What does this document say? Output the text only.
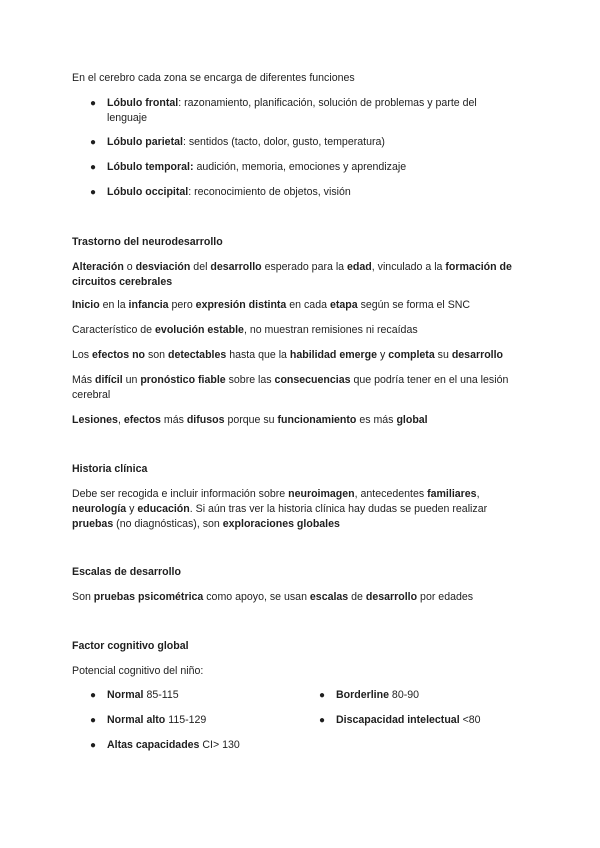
En el cerebro cada zona se encarga de diferentes funciones

● Lóbulo frontal: razonamiento, planificación, solución de problemas y parte del lenguaje
● Lóbulo parietal: sentidos (tacto, dolor, gusto, temperatura)
● Lóbulo temporal: audición, memoria, emociones y aprendizaje
● Lóbulo occipital: reconocimiento de objetos, visión

Trastorno del neurodesarrollo

Alteración o desviación del desarrollo esperado para la edad, vinculado a la formación de circuitos cerebrales

Inicio en la infancia pero expresión distinta en cada etapa según se forma el SNC

Característico de evolución estable, no muestran remisiones ni recaídas

Los efectos no son detectables hasta que la habilidad emerge y completa su desarrollo

Más difícil un pronóstico fiable sobre las consecuencias que podría tener en el una lesión cerebral

Lesiones, efectos más difusos porque su funcionamiento es más global

Historia clínica

Debe ser recogida e incluir información sobre neuroimagen, antecedentes familiares, neurología y educación. Si aún tras ver la historia clínica hay dudas se pueden realizar pruebas (no diagnósticas), son exploraciones globales

Escalas de desarrollo

Son pruebas psicométrica como apoyo, se usan escalas de desarrollo por edades

Factor cognitivo global

Potencial cognitivo del niño:

● Normal 85-115	● Borderline 80-90
● Normal alto 115-129	● Discapacidad intelectual <80
● Altas capacidades CI> 130
